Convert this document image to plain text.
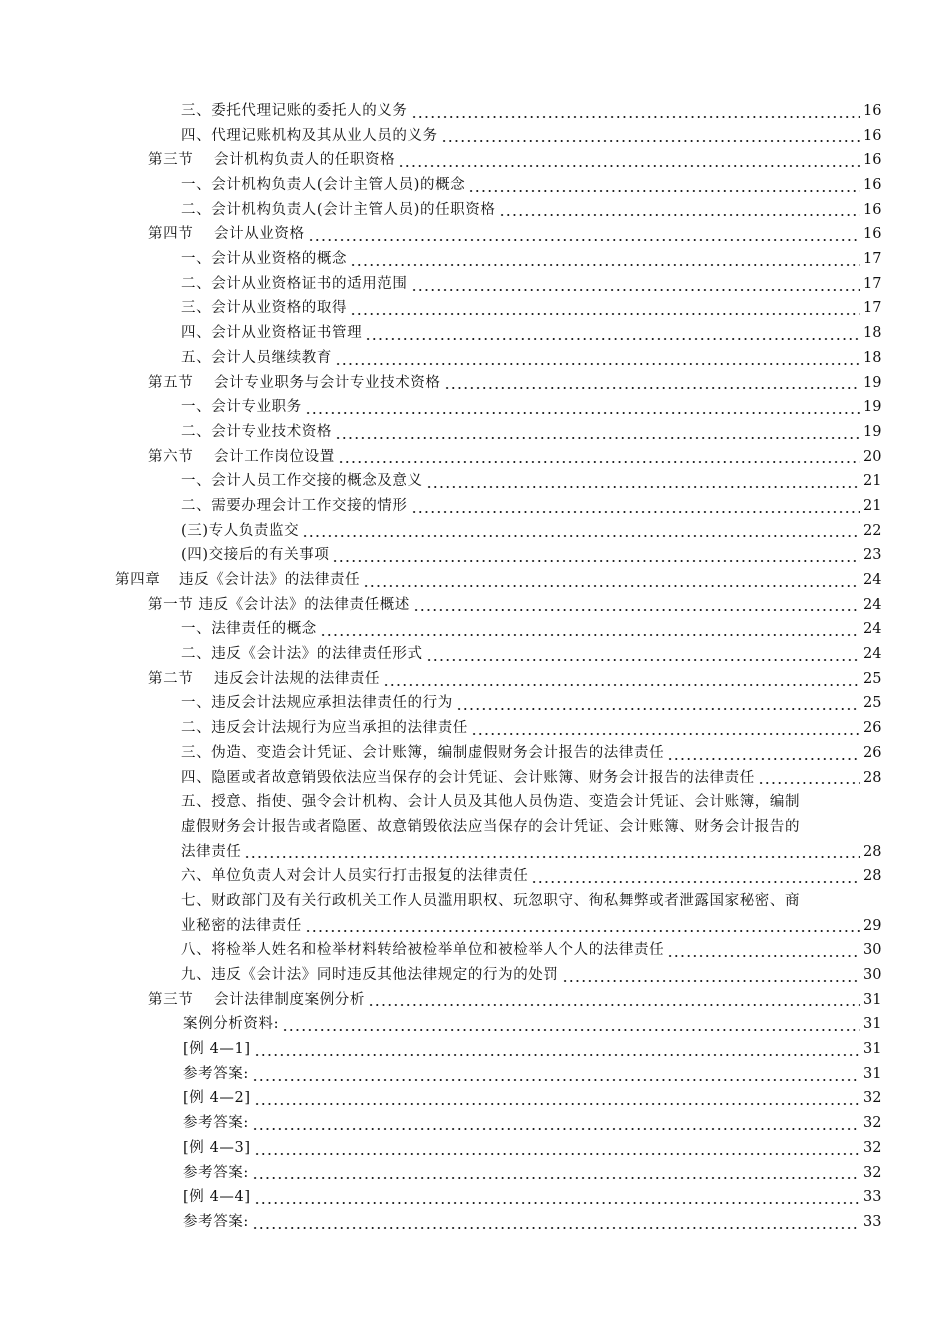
三、委托代理记账的委托人的义务	16
四、代理记账机构及其从业人员的义务	16
第三节 会计机构负责人的任职资格	16
一、会计机构负责人(会计主管人员)的概念	16
二、会计机构负责人(会计主管人员)的任职资格	16
第四节 会计从业资格	16
一、会计从业资格的概念	17
二、会计从业资格证书的适用范围	17
三、会计从业资格的取得	17
四、会计从业资格证书管理	18
五、会计人员继续教育	18
第五节 会计专业职务与会计专业技术资格	19
一、会计专业职务	19
二、会计专业技术资格	19
第六节 会计工作岗位设置	20
一、会计人员工作交接的概念及意义	21
二、需要办理会计工作交接的情形	21
(三)专人负责监交	22
(四)交接后的有关事项	23
第四章 违反《会计法》的法律责任	24
第一节 违反《会计法》的法律责任概述	24
一、法律责任的概念	24
二、违反《会计法》的法律责任形式	24
第二节 违反会计法规的法律责任	25
一、违反会计法规应承担法律责任的行为	25
二、违反会计法规行为应当承担的法律责任	26
三、伪造、变造会计凭证、会计账簿，编制虚假财务会计报告的法律责任	26
四、隐匿或者故意销毁依法应当保存的会计凭证、会计账簿、财务会计报告的法律责任	28
五、授意、指使、强令会计机构、会计人员及其他人员伪造、变造会计凭证、会计账簿，编制
虚假财务会计报告或者隐匿、故意销毁依法应当保存的会计凭证、会计账簿、财务会计报告的
法律责任	28
六、单位负责人对会计人员实行打击报复的法律责任	28
七、财政部门及有关行政机关工作人员滥用职权、玩忽职守、徇私舞弊或者泄露国家秘密、商
业秘密的法律责任	29
八、将检举人姓名和检举材料转给被检举单位和被检举人个人的法律责任	30
九、违反《会计法》同时违反其他法律规定的行为的处罚	30
第三节 会计法律制度案例分析	31
案例分析资料:	31
[例 4—1]	31
参考答案:	31
[例 4—2]	32
参考答案:	32
[例 4—3]	32
参考答案:	32
[例 4—4]	33
参考答案:	33
